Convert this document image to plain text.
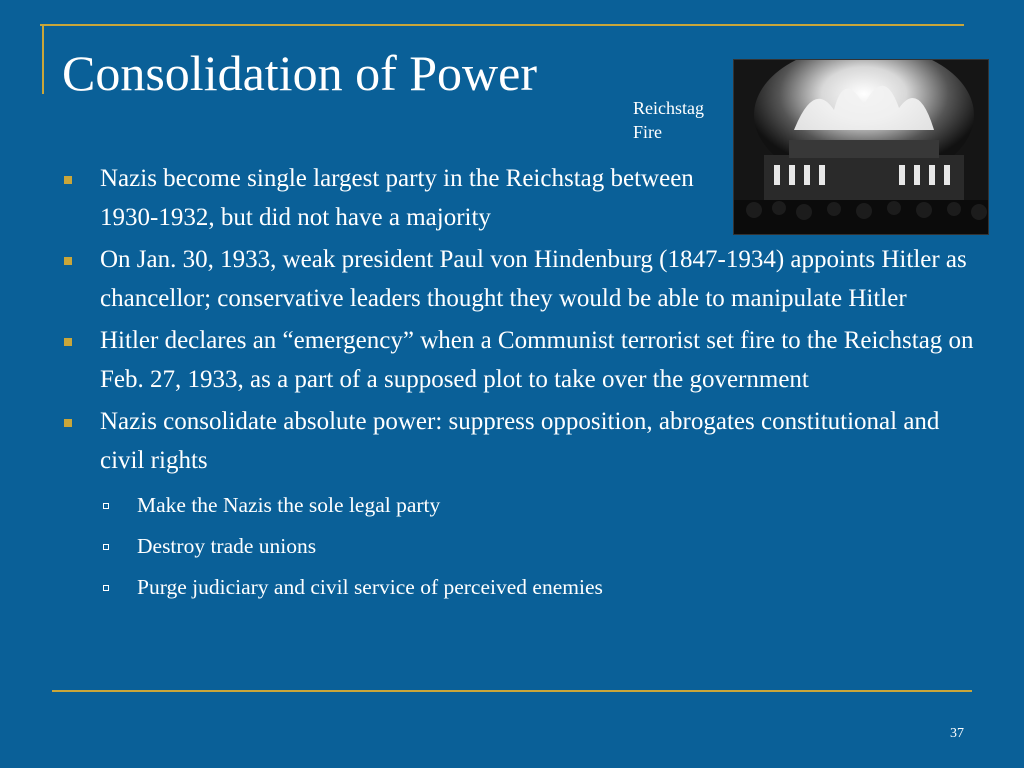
Consolidation of Power
Reichstag Fire
Nazis become single largest party in the Reichstag between 1930-1932, but did not have a majority
On Jan. 30, 1933, weak president Paul von Hindenburg (1847-1934) appoints Hitler as chancellor; conservative leaders thought they would be able to manipulate Hitler
Hitler declares an “emergency” when a Communist terrorist set fire to the Reichstag on Feb. 27, 1933, as a part of a supposed plot to take over the government
Nazis consolidate absolute power: suppress opposition, abrogates constitutional and civil rights
Make the Nazis the sole legal party
Destroy trade unions
Purge judiciary and civil service of perceived enemies
37
